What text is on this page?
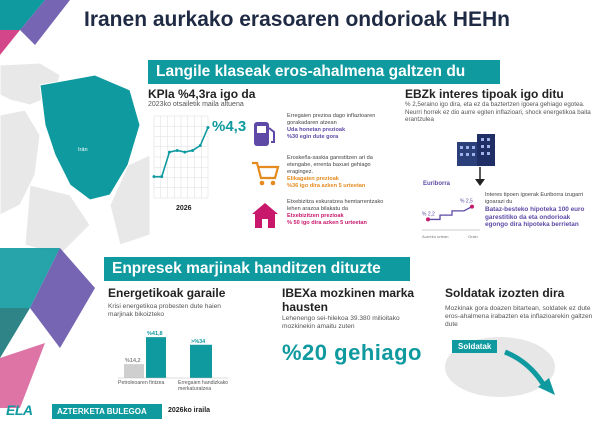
Iranen aurkako erasoaren ondorioak HEHn
Irán
Langile klaseak eros-ahalmena galtzen du
KPIa %4,3ra igo da
2023ko otsailetik maila altuena
%4,3
2026
Erregaien prezioa dago inflazioaren gorakadaren atzean
Uda honetan prezioak
%30 egin dute gora
Eroskeña-saskia garestitzen ari da etengabe, errenta baxuei gehiago eragingez.
Elikagaien prezioak
%36 igo dira azken 5 urteetan
Etxebizitza eskuratzea hemtarrentzako lehen arazoa bilakatu da
Etxebizitzen prezioak
% 50 igo dira azken 5 urteetan
EBZk interes tipoak igo ditu
% 2,5eraino igo dira, eta ez da baztertzen igoera gehiago egotea. Neurri horrek ez dio aurre egiten inflazioari, shock energetikoa baita erantzulea
Euriborra
% 2,2
% 2,5
Aurreko urtean	Orain
Interes tipoen igoerak Euriborra izugarri igoarazi du
Bataz-besteko hipoteka 100 euro garestitiko da eta ondorioak egongo dira hipoteka berrietan
Enpresek marjinak handitzen dituzte
Energetikoak garaile
Krisi energetikoa probesten dute haien marjinak bikoizteko
%14,2
%41,8
>%34
Petroleoaren fintzea	Erregaien handizkako merkaturatzea
IBEXa mozkinen marka hausten
Lehenengo sei-hilekoa 39.380 milioitako mozkinekin amaitu zuten
%20 gehiago
Soldatak izozten dira
Mozkinak gora doazen bitartean, soldatek ez dute eros-ahalmena irabazten eta inflazioarekin galtzen dute
Soldatak
ELA	AZTERKETA BULEGOA	2026ko iraila
